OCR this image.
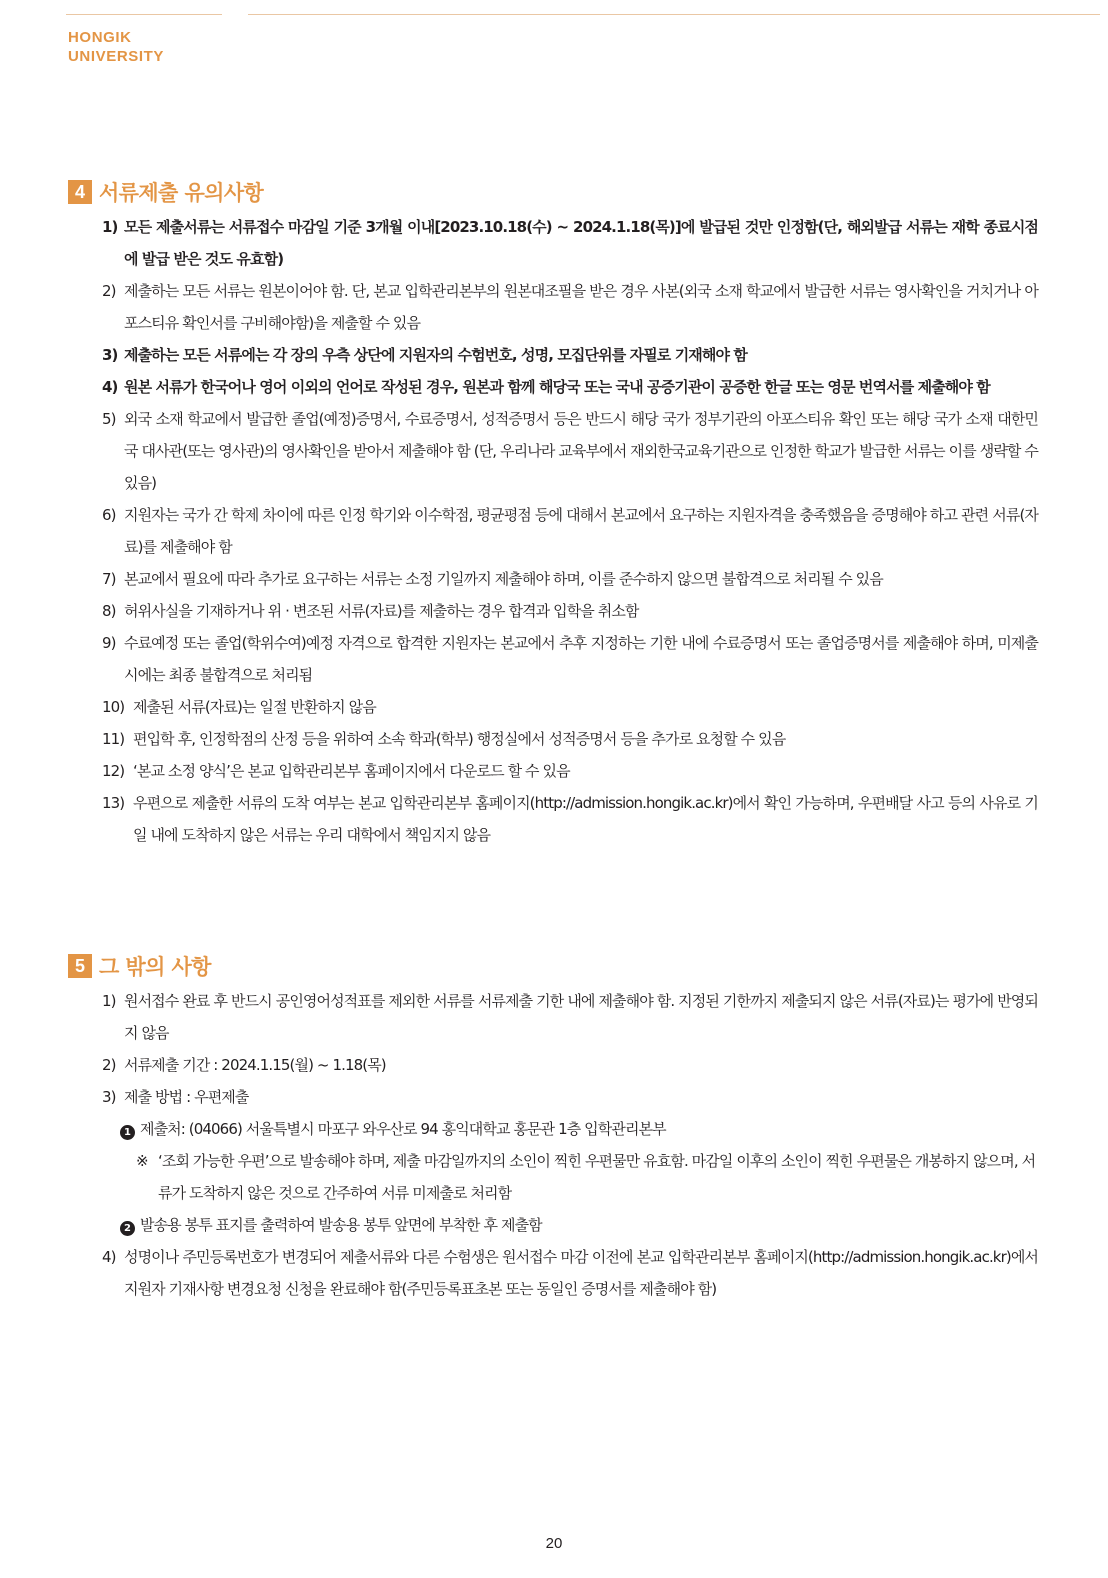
HONGIK
UNIVERSITY
4 서류제출 유의사항
1) 모든 제출서류는 서류접수 마감일 기준 3개월 이내[2023.10.18(수) ~ 2024.1.18(목)]에 발급된 것만 인정함(단, 해외발급 서류는 재학 종료시점에 발급 받은 것도 유효함)
2) 제출하는 모든 서류는 원본이어야 함. 단, 본교 입학관리본부의 원본대조필을 받은 경우 사본(외국 소재 학교에서 발급한 서류는 영사확인을 거치거나 아포스티유 확인서를 구비해야함)을 제출할 수 있음
3) 제출하는 모든 서류에는 각 장의 우측 상단에 지원자의 수험번호, 성명, 모집단위를 자필로 기재해야 함
4) 원본 서류가 한국어나 영어 이외의 언어로 작성된 경우, 원본과 함께 해당국 또는 국내 공증기관이 공증한 한글 또는 영문 번역서를 제출해야 함
5) 외국 소재 학교에서 발급한 졸업(예정)증명서, 수료증명서, 성적증명서 등은 반드시 해당 국가 정부기관의 아포스티유 확인 또는 해당 국가 소재 대한민국 대사관(또는 영사관)의 영사확인을 받아서 제출해야 함 (단, 우리나라 교육부에서 재외한국교육기관으로 인정한 학교가 발급한 서류는 이를 생략할 수 있음)
6) 지원자는 국가 간 학제 차이에 따른 인정 학기와 이수학점, 평균평점 등에 대해서 본교에서 요구하는 지원자격을 충족했음을 증명해야 하고 관련 서류(자료)를 제출해야 함
7) 본교에서 필요에 따라 추가로 요구하는 서류는 소정 기일까지 제출해야 하며, 이를 준수하지 않으면 불합격으로 처리될 수 있음
8) 허위사실을 기재하거나 위 · 변조된 서류(자료)를 제출하는 경우 합격과 입학을 취소함
9) 수료예정 또는 졸업(학위수여)예정 자격으로 합격한 지원자는 본교에서 추후 지정하는 기한 내에 수료증명서 또는 졸업증명서를 제출해야 하며, 미제출 시에는 최종 불합격으로 처리됨
10) 제출된 서류(자료)는 일절 반환하지 않음
11) 편입학 후, 인정학점의 산정 등을 위하여 소속 학과(학부) 행정실에서 성적증명서 등을 추가로 요청할 수 있음
12) ‘본교 소정 양식’은 본교 입학관리본부 홈페이지에서 다운로드 할 수 있음
13) 우편으로 제출한 서류의 도착 여부는 본교 입학관리본부 홈페이지(http://admission.hongik.ac.kr)에서 확인 가능하며, 우편배달 사고 등의 사유로 기일 내에 도착하지 않은 서류는 우리 대학에서 책임지지 않음
5 그 밖의 사항
1) 원서접수 완료 후 반드시 공인영어성적표를 제외한 서류를 서류제출 기한 내에 제출해야 함. 지정된 기한까지 제출되지 않은 서류(자료)는 평가에 반영되지 않음
2) 서류제출 기간 : 2024.1.15(월) ~ 1.18(목)
3) 제출 방법 : 우편제출
1 제출처: (04066) 서울특별시 마포구 와우산로 94 홍익대학교 홍문관 1층 입학관리본부
※ ‘조회 가능한 우편’으로 발송해야 하며, 제출 마감일까지의 소인이 찍힌 우편물만 유효함. 마감일 이후의 소인이 찍힌 우편물은 개봉하지 않으며, 서류가 도착하지 않은 것으로 간주하여 서류 미제출로 처리함
2 발송용 봉투 표지를 출력하여 발송용 봉투 앞면에 부착한 후 제출함
4) 성명이나 주민등록번호가 변경되어 제출서류와 다른 수험생은 원서접수 마감 이전에 본교 입학관리본부 홈페이지(http://admission.hongik.ac.kr)에서 지원자 기재사항 변경요청 신청을 완료해야 함(주민등록표초본 또는 동일인 증명서를 제출해야 함)
20
